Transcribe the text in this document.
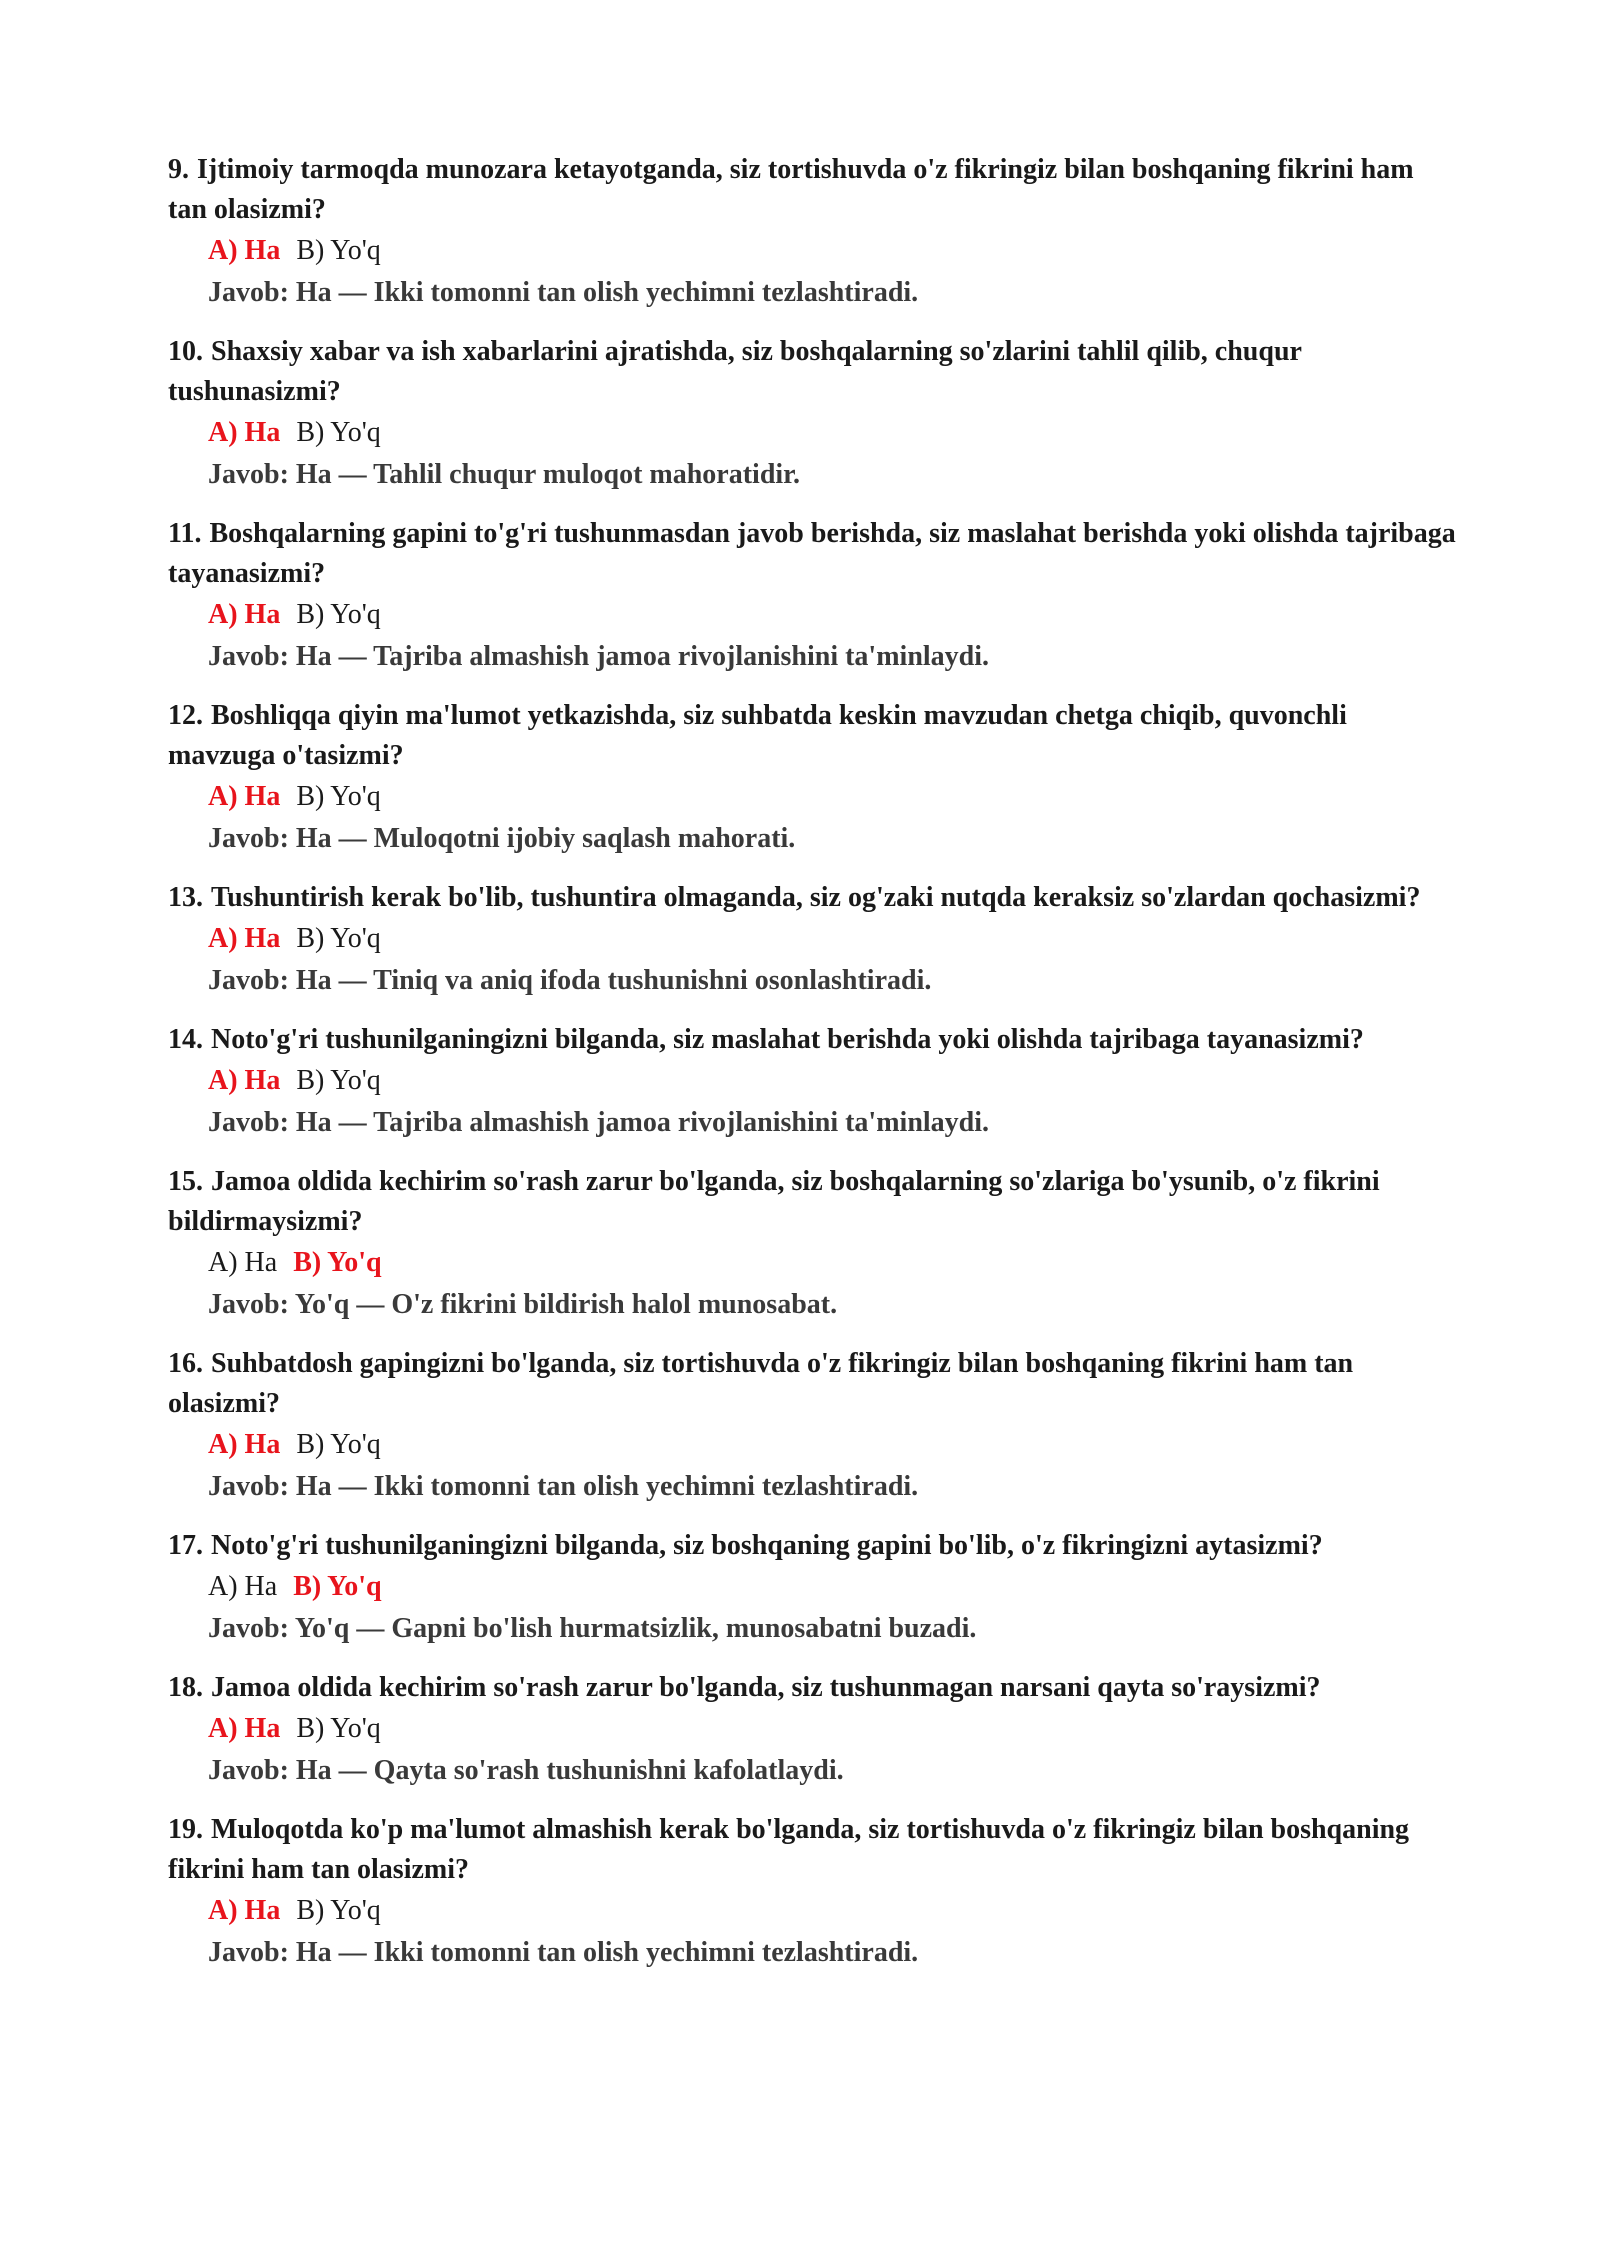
9. Ijtimoiy tarmoqda munozara ketayotganda, siz tortishuvda o'z fikringiz bilan boshqaning fikrini ham tan olasizmi?
A) Ha B) Yo'q
Javob: Ha — Ikki tomonni tan olish yechimni tezlashtiradi.
10. Shaxsiy xabar va ish xabarlarini ajratishda, siz boshqalarning so'zlarini tahlil qilib, chuqur tushunasizmi?
A) Ha B) Yo'q
Javob: Ha — Tahlil chuqur muloqot mahoratidir.
11. Boshqalarning gapini to'g'ri tushunmasdan javob berishda, siz maslahat berishda yoki olishda tajribaga tayanasizmi?
A) Ha B) Yo'q
Javob: Ha — Tajriba almashish jamoa rivojlanishini ta'minlaydi.
12. Boshliqqa qiyin ma'lumot yetkazishda, siz suhbatda keskin mavzudan chetga chiqib, quvonchli mavzuga o'tasizmi?
A) Ha B) Yo'q
Javob: Ha — Muloqotni ijobiy saqlash mahorati.
13. Tushuntirish kerak bo'lib, tushuntira olmaganda, siz og'zaki nutqda keraksiz so'zlardan qochasizmi?
A) Ha B) Yo'q
Javob: Ha — Tiniq va aniq ifoda tushunishni osonlashtiradi.
14. Noto'g'ri tushunilganingizni bilganda, siz maslahat berishda yoki olishda tajribaga tayanasizmi?
A) Ha B) Yo'q
Javob: Ha — Tajriba almashish jamoa rivojlanishini ta'minlaydi.
15. Jamoa oldida kechirim so'rash zarur bo'lganda, siz boshqalarning so'zlariga bo'ysunib, o'z fikrini bildirmaysizmi?
A) Ha B) Yo'q
Javob: Yo'q — O'z fikrini bildirish halol munosabat.
16. Suhbatdosh gapingizni bo'lganda, siz tortishuvda o'z fikringiz bilan boshqaning fikrini ham tan olasizmi?
A) Ha B) Yo'q
Javob: Ha — Ikki tomonni tan olish yechimni tezlashtiradi.
17. Noto'g'ri tushunilganingizni bilganda, siz boshqaning gapini bo'lib, o'z fikringizni aytasizmi?
A) Ha B) Yo'q
Javob: Yo'q — Gapni bo'lish hurmatsizlik, munosabatni buzadi.
18. Jamoa oldida kechirim so'rash zarur bo'lganda, siz tushunmagan narsani qayta so'raysizmi?
A) Ha B) Yo'q
Javob: Ha — Qayta so'rash tushunishni kafolatlaydi.
19. Muloqotda ko'p ma'lumot almashish kerak bo'lganda, siz tortishuvda o'z fikringiz bilan boshqaning fikrini ham tan olasizmi?
A) Ha B) Yo'q
Javob: Ha — Ikki tomonni tan olish yechimni tezlashtiradi.
